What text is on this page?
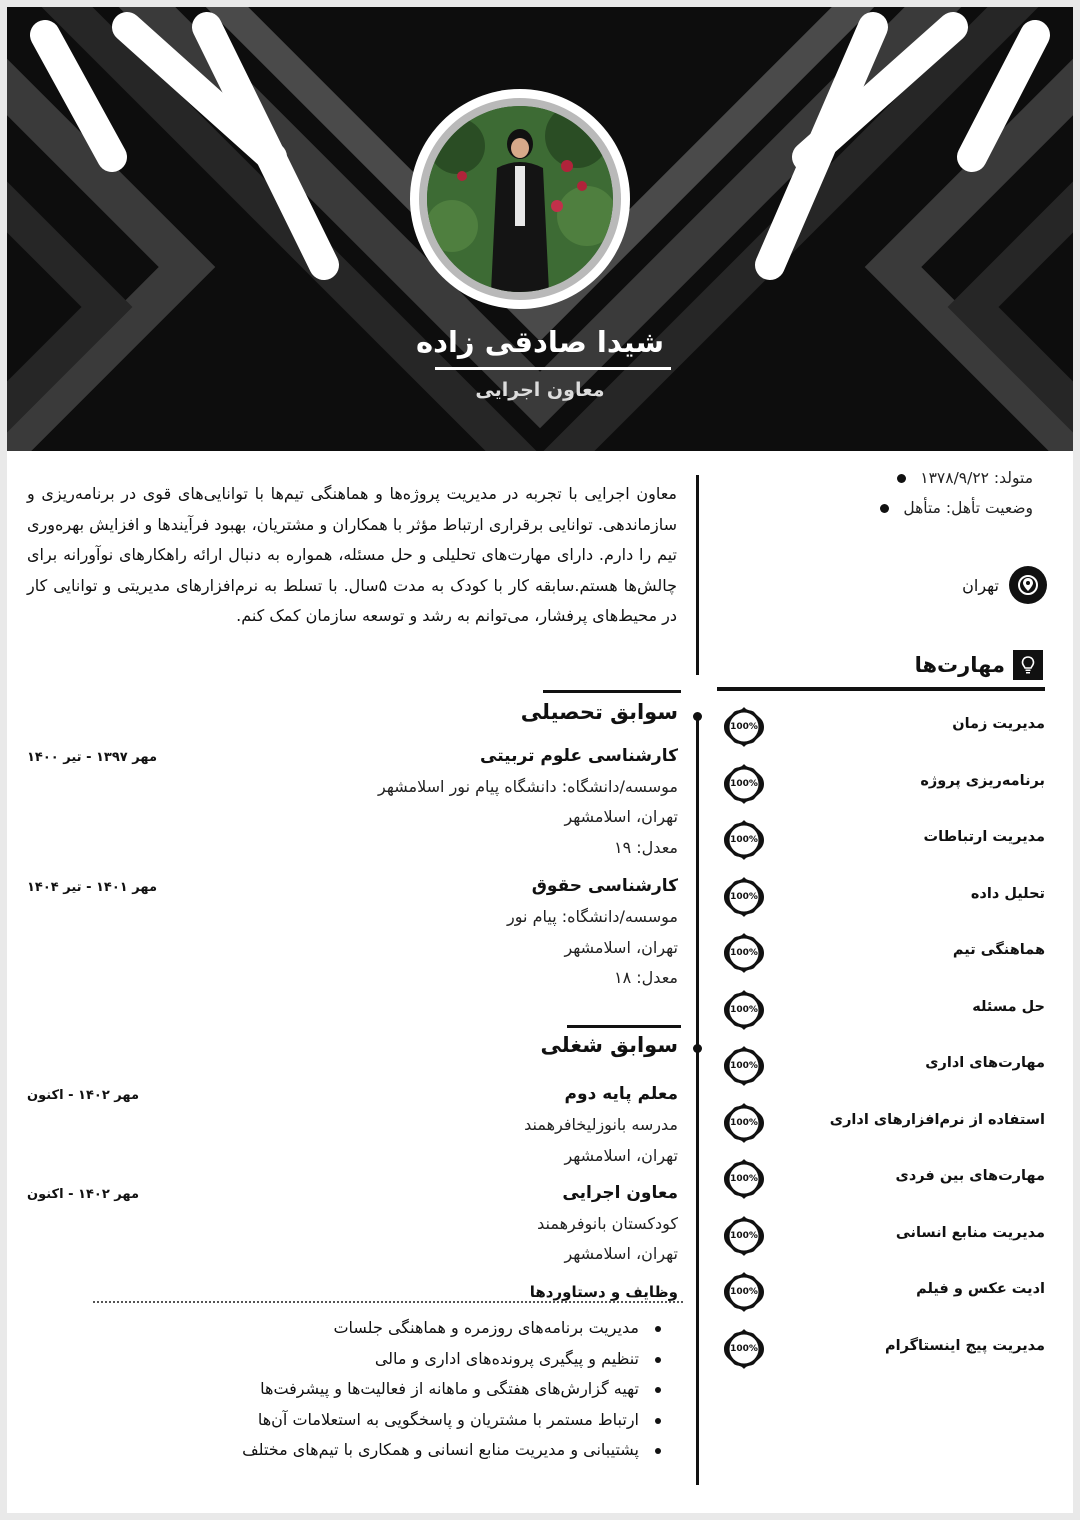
شیدا صادقی زاده
معاون اجرایی
معاون اجرایی با تجربه در مدیریت پروژه‌ها و هماهنگی تیم‌ها با توانایی‌های قوی در برنامه‌ریزی و سازماندهی. توانایی برقراری ارتباط مؤثر با همکاران و مشتریان، بهبود فرآیندها و افزایش بهره‌وری تیم را دارم. دارای مهارت‌های تحلیلی و حل مسئله، همواره به دنبال ارائه راهکارهای نوآورانه برای چالش‌ها هستم.سابقه کار با کودک به مدت ۵سال. با تسلط به نرم‌افزارهای مدیریتی و توانایی کار در محیط‌های پرفشار، می‌توانم به رشد و توسعه سازمان کمک کنم.
متولد: ۱۳۷۸/۹/۲۲
وضعیت تأهل: متأهل
تهران
مهارت‌ها
100%	مدیریت زمان
100%	برنامه‌ریزی پروژه
100%	مدیریت ارتباطات
100%	تحلیل داده
100%	هماهنگی تیم
100%	حل مسئله
100%	مهارت‌های اداری
100%	استفاده از نرم‌افزارهای اداری
100%	مهارت‌های بین فردی
100%	مدیریت منابع انسانی
100%	ادیت عکس و فیلم
100%	مدیریت پیج اینستاگرام
سوابق تحصیلی
کارشناسی علوم تربیتی
مهر ۱۳۹۷ - تیر ۱۴۰۰
موسسه/دانشگاه: دانشگاه پیام نور اسلامشهر
تهران، اسلامشهر
معدل: ۱۹
کارشناسی حقوق
مهر ۱۴۰۱ - تیر ۱۴۰۴
موسسه/دانشگاه: پیام نور
تهران، اسلامشهر
معدل: ۱۸
سوابق شغلی
معلم پایه دوم
مهر ۱۴۰۲ - اکنون
مدرسه بانوزلیخافرهمند
تهران، اسلامشهر
معاون اجرایی
مهر ۱۴۰۲ - اکنون
کودکستان بانوفرهمند
تهران، اسلامشهر
وظایف و دستاوردها
مدیریت برنامه‌های روزمره و هماهنگی جلسات
تنظیم و پیگیری پرونده‌های اداری و مالی
تهیه گزارش‌های هفتگی و ماهانه از فعالیت‌ها و پیشرفت‌ها
ارتباط مستمر با مشتریان و پاسخگویی به استعلامات آن‌ها
پشتیبانی و مدیریت منابع انسانی و همکاری با تیم‌های مختلف
